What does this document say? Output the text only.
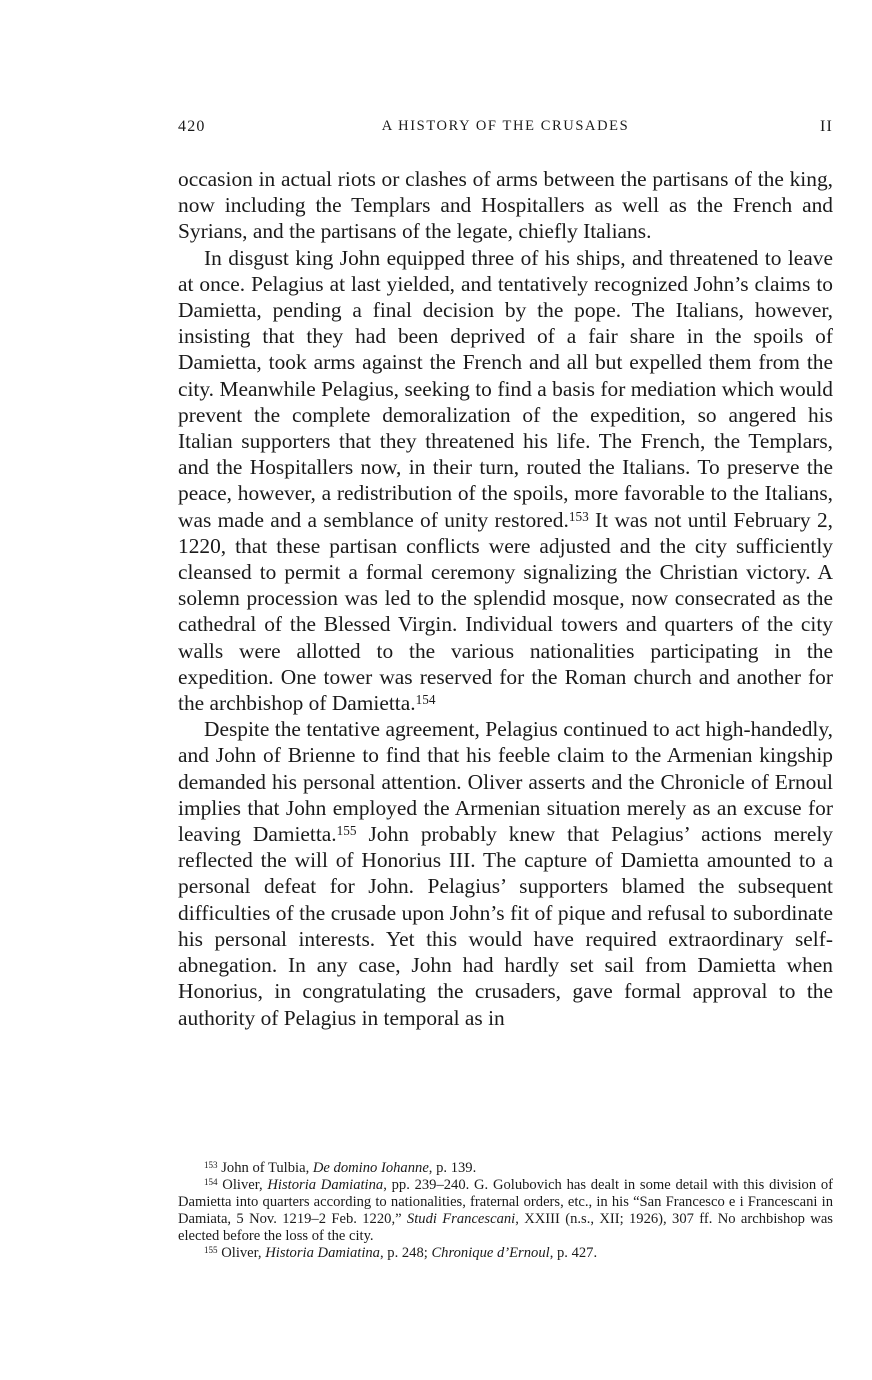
420	A HISTORY OF THE CRUSADES	II

occasion in actual riots or clashes of arms between the partisans of the king, now including the Templars and Hospitallers as well as the French and Syrians, and the partisans of the legate, chiefly Italians.

In disgust king John equipped three of his ships, and threatened to leave at once. Pelagius at last yielded, and tentatively recognized John’s claims to Damietta, pending a final decision by the pope. The Italians, however, insisting that they had been deprived of a fair share in the spoils of Damietta, took arms against the French and all but expelled them from the city. Meanwhile Pelagius, seeking to find a basis for mediation which would prevent the complete demoralization of the expedition, so angered his Italian supporters that they threatened his life. The French, the Templars, and the Hospitallers now, in their turn, routed the Italians. To preserve the peace, however, a redistribution of the spoils, more favorable to the Italians, was made and a semblance of unity restored.$^{153}$ It was not until February 2, 1220, that these partisan conflicts were adjusted and the city sufficiently cleansed to permit a formal ceremony signalizing the Christian victory. A solemn procession was led to the splendid mosque, now consecrated as the cathedral of the Blessed Virgin. Individual towers and quarters of the city walls were allotted to the various nationalities participating in the expedition. One tower was reserved for the Roman church and another for the archbishop of Damietta.$^{154}$

Despite the tentative agreement, Pelagius continued to act high-handedly, and John of Brienne to find that his feeble claim to the Armenian kingship demanded his personal attention. Oliver asserts and the Chronicle of Ernoul implies that John employed the Armenian situation merely as an excuse for leaving Damietta.$^{155}$ John probably knew that Pelagius’ actions merely reflected the will of Honorius III. The capture of Damietta amounted to a personal defeat for John. Pelagius’ supporters blamed the subsequent difficulties of the crusade upon John’s fit of pique and refusal to subordinate his personal interests. Yet this would have required extraordinary self-abnegation. In any case, John had hardly set sail from Damietta when Honorius, in congratulating the crusaders, gave formal approval to the authority of Pelagius in temporal as in

$^{153}$ John of Tulbia, De domino Iohanne, p. 139.

$^{154}$ Oliver, Historia Damiatina, pp. 239–240. G. Golubovich has dealt in some detail with this division of Damietta into quarters according to nationalities, fraternal orders, etc., in his “San Francesco e i Francescani in Damiata, 5 Nov. 1219–2 Feb. 1220,” Studi Francescani, XXIII (n.s., XII; 1926), 307 ff. No archbishop was elected before the loss of the city.

$^{155}$ Oliver, Historia Damiatina, p. 248; Chronique d’Ernoul, p. 427.
